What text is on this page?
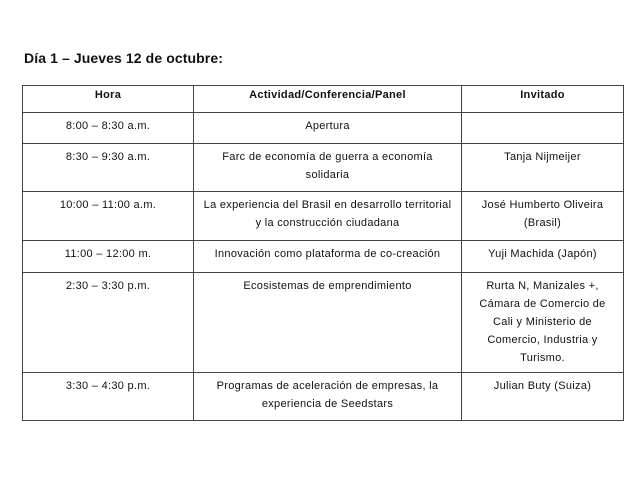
Día 1 – Jueves 12 de octubre:
Hora	Actividad/Conferencia/Panel	Invitado
8:00 – 8:30 a.m.	Apertura	
8:30 – 9:30 a.m.	Farc de economía de guerra a economía solidaria	Tanja Nijmeijer
10:00 – 11:00 a.m.	La experiencia del Brasil en desarrollo territorial y la construcción ciudadana	José Humberto Oliveira (Brasil)
11:00 – 12:00 m.	Innovación como plataforma de co-creación	Yuji Machida (Japón)
2:30 – 3:30 p.m.	Ecosistemas de emprendimiento	Rurta N, Manizales +, Cámara de Comercio de Cali y Ministerio de Comercio, Industria y Turismo.
3:30 – 4:30 p.m.	Programas de aceleración de empresas, la experiencia de Seedstars	Julian Buty (Suiza)
